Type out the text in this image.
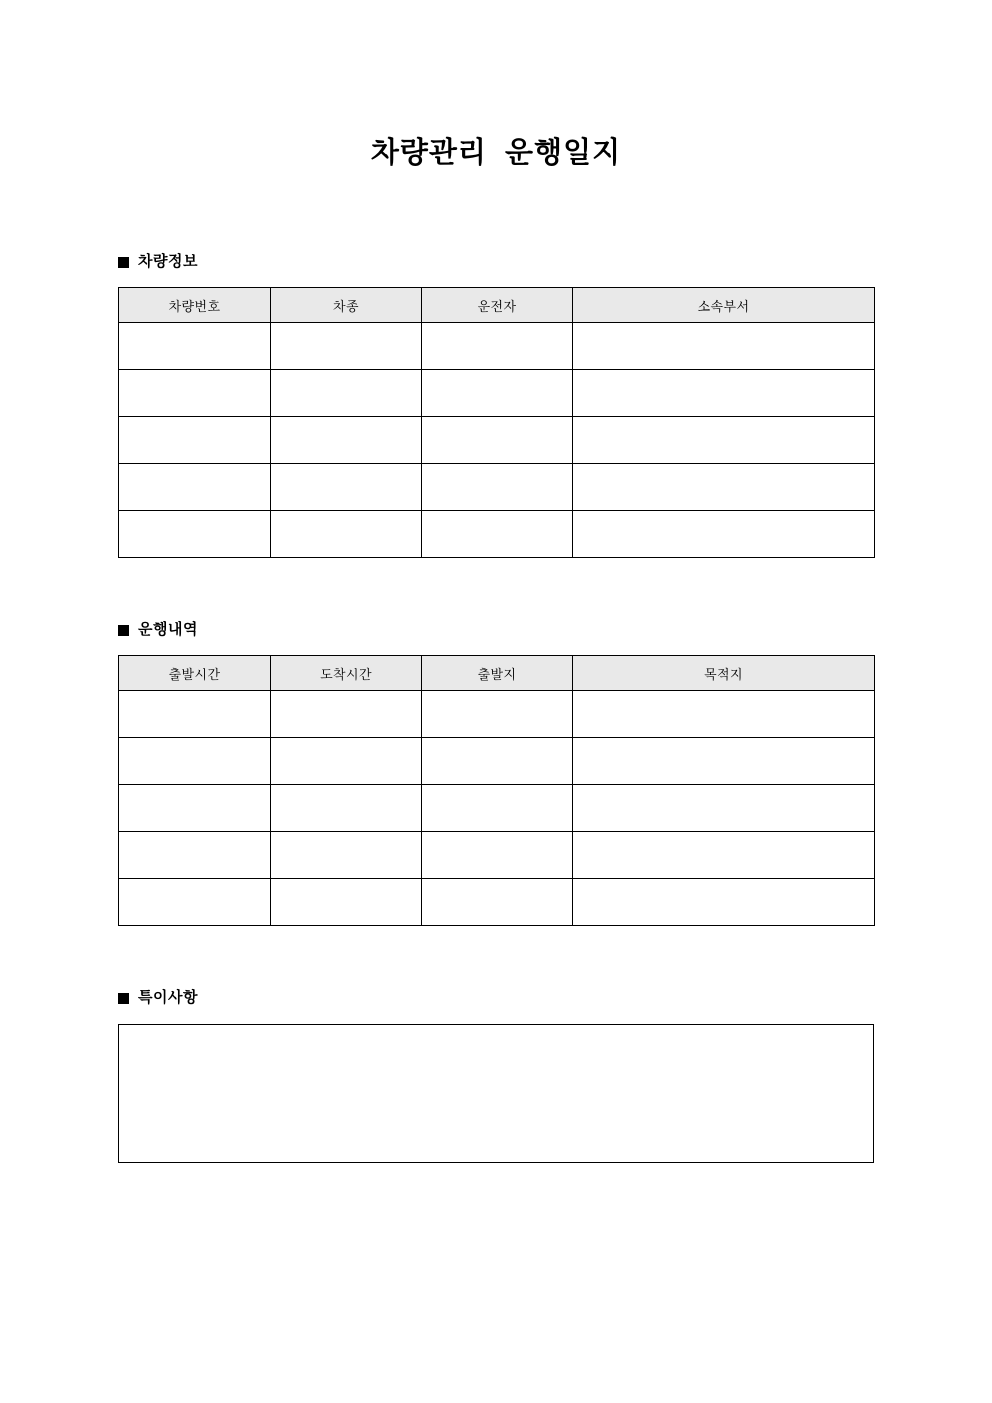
차량관리  운행일지
차량정보
차량번호	차종	운전자	소속부서

운행내역
출발시간	도착시간	출발지	목적지

특이사항
